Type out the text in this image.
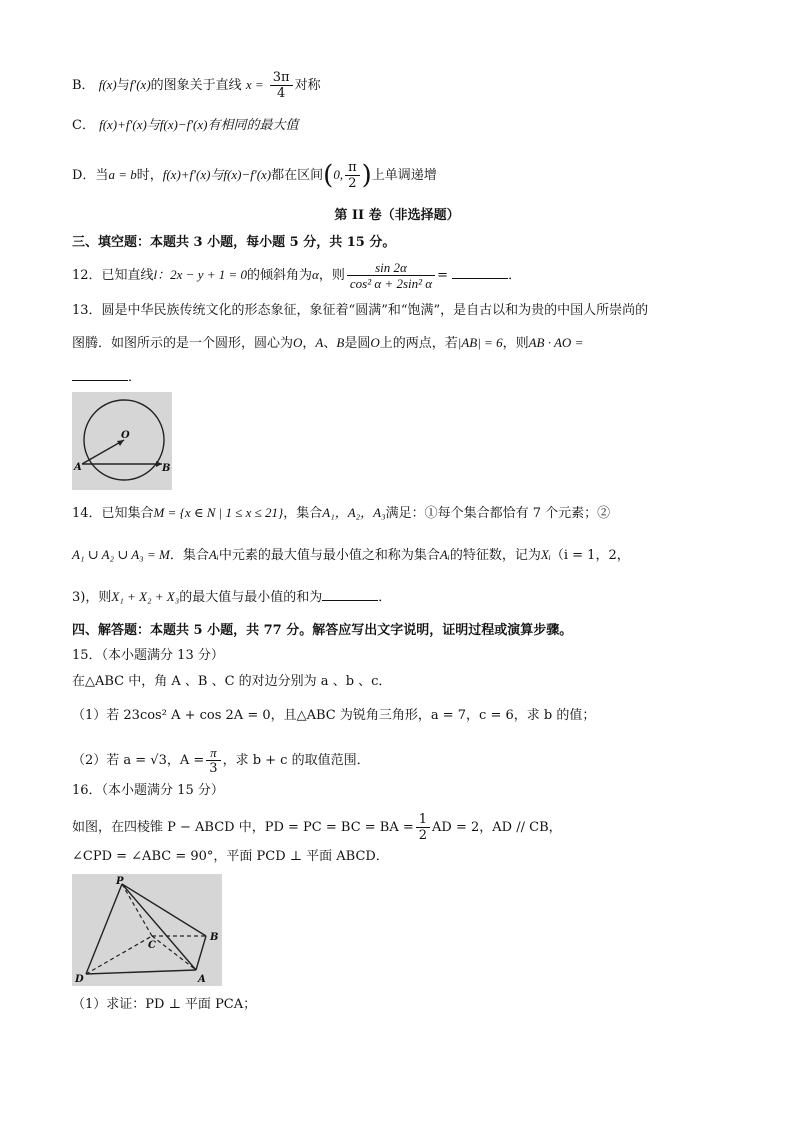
B． f(x)与f′(x)的图象关于直线 $x = \frac{3\pi}{4}$ 对称
C． f(x)+f′(x)与f(x)−f′(x)有相同的最大值
D．当a = b时，f(x)+f′(x)与f(x)−f′(x)都在区间(0, $\frac{\pi}{2}$ )上单调递增
第 II 卷（非选择题）
三、填空题：本题共 3 小题，每小题 5 分，共 15 分。
12．已知直线l：2x − y + 1 = 0的倾斜角为α，则 $\frac{\sin 2\alpha}{\text{cos² α + 2sin² α}}$ =	．
13．圆是中华民族传统文化的形态象征，象征着“圆满”和“饱满”，是自古以和为贵的中国人所崇尚的
图腾．如图所示的是一个圆形，圆心为O，A、B是圆O上的两点，若|AB| = 6，则AB · AO =
．
A	B
O
14．已知集合M = {x ∈ N | 1 ≤ x ≤ 21}，集合A₁，A₂，A₃满足：①每个集合都恰有 7 个元素；②
A₁ ∪ A₂ ∪ A₃ = M．集合Aᵢ中元素的最大值与最小值之和称为集合Aᵢ的特征数，记为Xᵢ（i = 1，2，
3)，则X₁ + X₂ + X₃的最大值与最小值的和为	．
四、解答题：本题共 5 小题，共 77 分。解答应写出文字说明，证明过程或演算步骤。
15．（本小题满分 13 分）
在△ABC 中，角 A 、B 、C 的对边分别为 a 、b 、c．
（1）若 23cos² A + cos 2A = 0，且△ABC 为锐角三角形，a = 7，c = 6，求 b 的值；
（2）若 a = √3，$A = \frac{\pi}{3}$ ，求 b + c 的取值范围．
16．（本小题满分 15 分）
如图，在四棱锥 P − ABCD 中，PD = PC = BC = BA = $\frac{1}{2}$ AD = 2，AD // CB，
∠CPD = ∠ABC = 90°，平面 PCD ⊥ 平面 ABCD．
P
B
C
D	A
（1）求证：PD ⊥ 平面 PCA；
